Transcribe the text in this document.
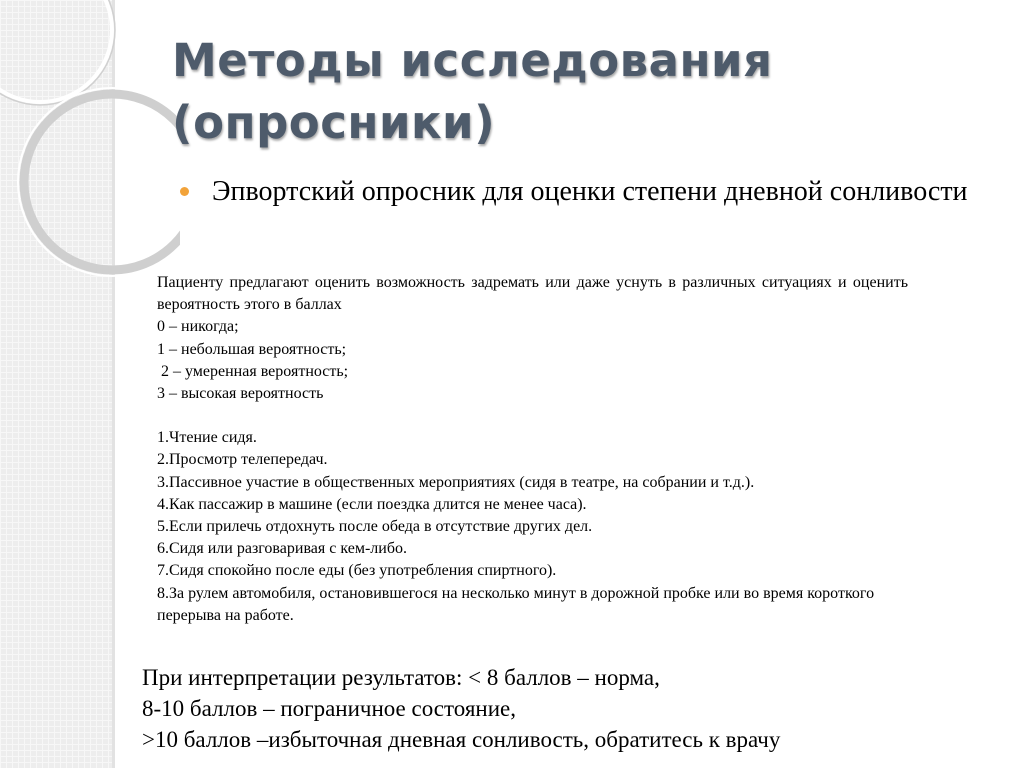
Методы исследования
(опросники)
Эпвортский опросник для оценки степени дневной сонливости

Пациенту предлагают оценить возможность задремать или даже уснуть в различных ситуациях и оценить вероятность этого в баллах

0 – никогда;
1 – небольшая вероятность;
2 – умеренная вероятность;
3 – высокая вероятность
1.Чтение сидя.
2.Просмотр телепередач.
3.Пассивное участие в общественных мероприятиях (сидя в театре, на собрании и т.д.).
4.Как пассажир в машине (если поездка длится не менее часа).
5.Если прилечь отдохнуть после обеда в отсутствие других дел.
6.Сидя или разговаривая с кем-либо.
7.Сидя спокойно после еды (без употребления спиртного).
8.За рулем автомобиля, остановившегося на несколько минут в дорожной пробке или во время короткого перерыва на работе.
При интерпретации результатов: < 8 баллов – норма,
8-10 баллов – пограничное состояние,
>10 баллов –избыточная дневная сонливость, обратитесь к врачу
